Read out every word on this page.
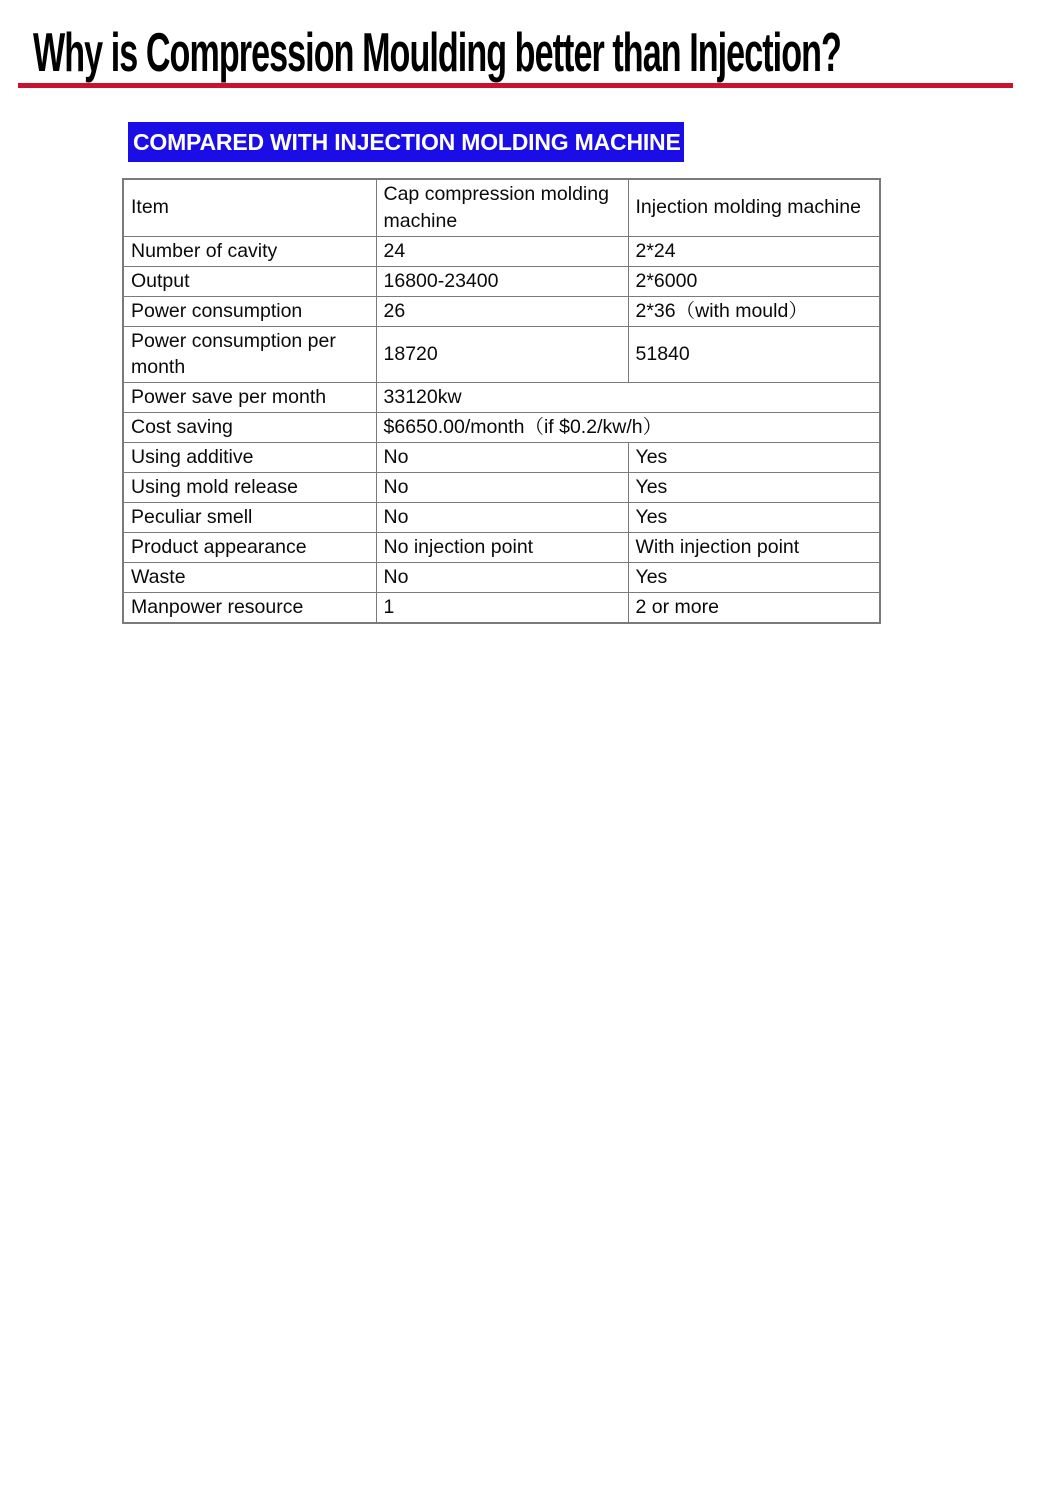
Why is Compression Moulding better than Injection?
COMPARED WITH INJECTION MOLDING MACHINE
Item	Cap compression molding machine	Injection molding machine
Number of cavity	24	2*24
Output	16800-23400	2*6000
Power consumption	26	2*36（with mould）
Power consumption per month	18720	51840
Power save per month	33120kw	
Cost saving	$6650.00/month（if $0.2/kw/h）	
Using additive	No	Yes
Using mold release	No	Yes
Peculiar smell	No	Yes
Product appearance	No injection point	With injection point
Waste	No	Yes
Manpower resource	1	2 or more
